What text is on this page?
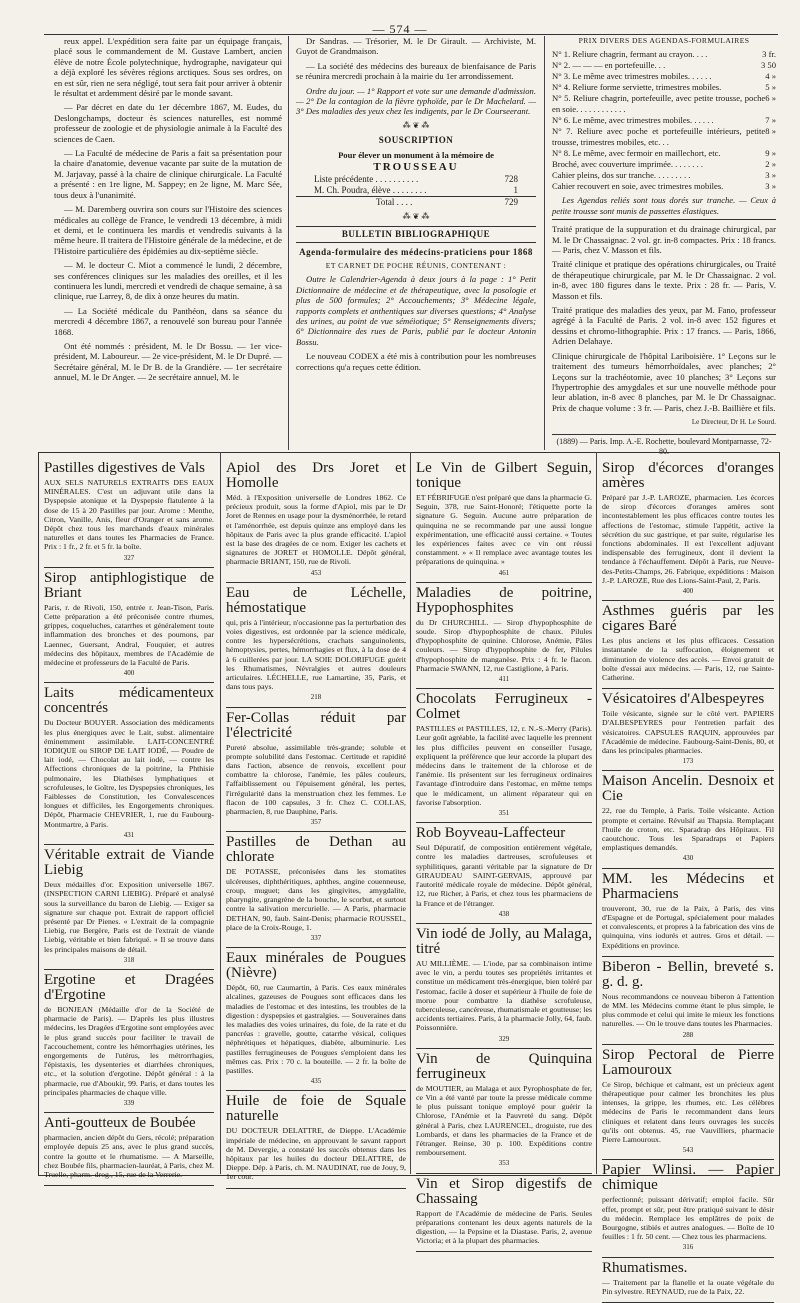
— 574 —

reux appel. L'expédition sera faite par un équipage français, placé sous le commandement de M. Gustave Lambert, ancien élève de notre École polytechnique, hydrographe, navigateur qui a déjà exploré les sévères régions arctiques. Sous ses ordres, on en est sûr, rien ne sera négligé, tout sera fait pour arriver à obtenir le résultat et ardemment désiré par le monde savant.

— Par décret en date du 1er décembre 1867, M. Eudes, du Deslongchamps, docteur ès sciences naturelles, est nommé professeur de zoologie et de physiologie animale à la Faculté des sciences de Caen.

— La Faculté de médecine de Paris a fait sa présentation pour la chaire d'anatomie, devenue vacante par suite de la mutation de M. Jarjavay, passé à la chaire de clinique chirurgicale. La Faculté a présenté : en 1re ligne, M. Sappey; en 2e ligne, M. Marc Sée, tous deux à l'unanimité.

— M. Daremberg ouvrira son cours sur l'Histoire des sciences médicales au collège de France, le vendredi 13 décembre, à midi et demi, et le continuera les mardis et vendredis suivants à la même heure. Il traitera de l'Histoire générale de la médecine, et de l'Histoire particulière des épidémies au dix-septième siècle.

— M. le docteur C. Miot a commencé le lundi, 2 décembre, ses conférences cliniques sur les maladies des oreilles, et il les continuera les lundi, mercredi et vendredi de chaque semaine, à sa clinique, rue Larrey, 8, de dix à onze heures du matin.

— La Société médicale du Panthéon, dans sa séance du mercredi 4 décembre 1867, a renouvelé son bureau pour l'année 1868.

Ont été nommés : président, M. le Dr Bossu. — 1er vice-président, M. Laboureur. — 2e vice-président, M. le Dr Dupré. — Secrétaire général, M. le Dr B. de la Grandière. — 1er secrétaire annuel, M. le Dr Anger. — 2e secrétaire annuel, M. le

Dr Sandras. — Trésorier, M. le Dr Girault. — Archiviste, M. Guyot de Grandmaison.

— La société des médecins des bureaux de bienfaisance de Paris se réunira mercredi prochain à la mairie du 1er arrondissement.

Ordre du jour. — 1° Rapport et vote sur une demande d'admission. — 2° De la contagion de la fièvre typhoïde, par le Dr Machelard. — 3° Des maladies des yeux chez les indigents, par le Dr Courseerant.

⁂ ❦ ⁂
SOUSCRIPTION
Pour élever un monument à la mémoire de
TROUSSEAU
Liste précédente . . . . . . . . . .	728
M. Ch. Poudra, élève . . . . . . . .	1
Total . . . .	729
⁂ ❦ ⁂
BULLETIN BIBLIOGRAPHIQUE
Agenda-formulaire des médecins-praticiens pour 1868
ET CARNET DE POCHE RÉUNIS, CONTENANT :

Outre le Calendrier-Agenda à deux jours à la page : 1° Petit Dictionnaire de médecine et de thérapeutique, avec la posologie et plus de 500 formules; 2° Accouchements; 3° Médecine légale, rapports complets et anthentiques sur diverses questions; 4° Analyse des urines, au point de vue séméiotique; 5° Renseignements divers; 6° Dictionnaire des rues de Paris, publié par le docteur Antonin Bossu.

Le nouveau CODEX a été mis à contribution pour les nombreuses corrections qu'a reçues cette édition.

PRIX DIVERS DES AGENDAS-FORMULAIRES
N° 1. Reliure chagrin, fermant au crayon. . . .	3 fr.
N° 2. — — — en portefeuille. . .	3 50
N° 3. Le même avec trimestres mobiles. . . . . .	4 »
N° 4. Reliure forme serviette, trimestres mobiles.	5 »
N° 5. Reliure chagrin, portefeuille, avec petite trousse, poche en soie. . . . . . . . . . . .
6 »
N° 6. Le même, avec trimestres mobiles. . . . . .	7 »
N° 7. Reliure avec poche et portefeuille intérieurs, petite trousse, trimestres mobiles, etc. . .
8 »
N° 8. Le même, avec fermoir en maillechort, etc.	9 »
Broché, avec couverture imprimée. . . . . . . .	2 »
Cahier pleins, dos sur tranche. . . . . . . . .	3 »
Cahier recouvert en soie, avec trimestres mobiles.	3 »

Les Agendas reliés sont tous dorés sur tranche. — Ceux à petite trousse sont munis de passettes élastiques.

Traité pratique de la suppuration et du drainage chirurgical, par M. le Dr Chassaignac. 2 vol. gr. in-8 compactes. Prix : 18 francs. — Paris, chez V. Masson et fils.

Traité clinique et pratique des opérations chirurgicales, ou Traité de thérapeutique chirurgicale, par M. le Dr Chassaignac. 2 vol. in-8, avec 180 figures dans le texte. Prix : 28 fr. — Paris, V. Masson et fils.

Traité pratique des maladies des yeux, par M. Fano, professeur agrégé à la Faculté de Paris. 2 vol. in-8 avec 152 figures et dessins et chromo-lithographie. Prix : 17 francs. — Paris, 1866, Adrien Delahaye.

Clinique chirurgicale de l'hôpital Lariboisière. 1° Leçons sur le traitement des tumeurs hémorrhoïdales, avec planches; 2° Leçons sur la trachéotomie, avec 10 planches; 3° Leçons sur l'hypertrophie des amygdales et sur une nouvelle méthode pour leur ablation, in-8 avec 8 planches, par M. le Dr Chassaignac. Prix de chaque volume : 3 fr. — Paris, chez J.-B. Baillière et fils.

Le Directeur, Dr H. Le Sourd.
(1889) — Paris. Imp. A.-E. Rochette, boulevard Montparnasse, 72-80.
Pastilles digestives de Vals

AUX SELS NATURELS EXTRAITS DES EAUX MINÉRALES. C'est un adjuvant utile dans la Dyspepsie atonique et la Dyspepsie flatulente à la dose de 15 à 20 Pastilles par jour. Arome : Menthe, Citron, Vanille, Anis, fleur d'Oranger et sans arome. Dépôt chez tous les marchands d'eaux minérales naturelles et dans toutes les Pharmacies de France. Prix : 1 fr., 2 fr. et 5 fr. la boîte.

327
Sirop antiphlogistique de Briant

Paris, r. de Rivoli, 150, entrée r. Jean-Tison, Paris. Cette préparation a été préconisée contre rhumes, grippes, coqueluches, catarrhes et généralement toute inflammation des bronches et des poumons, par Laennec, Guersant, Andral, Fouquier, et autres médecins des hôpitaux, membres de l'Académie de médecine et professeurs de la Faculté de Paris.

400
Laits médicamenteux concentrés

Du Docteur BOUYER. Association des médicaments les plus énergiques avec le Lait, subst. alimentaire éminemment assimilable. LAIT-CONCENTRÉ IODIQUE ou SIROP DE LAIT IODÉ, — Poudre de lait iodé, — Chocolat au lait iodé, — contre les Affections chroniques de la poitrine, la Phthisie pulmonaire, les Diathèses lymphatiques et scrofuleuses, le Goître, les Dyspepsies chroniques, les Faiblesses de Constitution, les Convalescences longues et difficiles, les Engorgements chroniques. Dépôt, Pharmacie CHEVRIER, 1, rue du Faubourg-Montmartre, à Paris.

431
Véritable extrait de Viande Liebig

Deux médailles d'or. Exposition universelle 1867. (INSPECTION CARNI LIEBIG). Préparé et analysé sous la surveillance du baron de Liebig. — Exiger sa signature sur chaque pot. Extrait de rapport officiel présenté par Dr Pienes. « L'extrait de la compagnie Liebig, rue Bergère, Paris est de l'extrait de viande Liebig, véritable et bien fabriqué. » Il se trouve dans les principales maisons de détail.

318
Ergotine et Dragées d'Ergotine

de BONJEAN (Médaille d'or de la Société de pharmacie de Paris). — D'après les plus illustres médecins, les Dragées d'Ergotine sont employées avec le plus grand succès pour faciliter le travail de l'accouchement, contre les hémorrhagies utérines, les engorgements de l'utérus, les métrorrhagies, l'épistaxis, les dysenteries et diarrhées chroniques, etc., et la solution d'ergotine. Dépôt général : à la pharmacie, rue d'Aboukir, 99. Paris, et dans toutes les principales pharmacies de chaque ville.

339
Anti-goutteux de Boubée

pharmacien, ancien dépôt du Gers, récolé; préparation employée depuis 25 ans, avec le plus grand succès, contre la goutte et le rhumatisme. — A Marseille, chez Boubée fils, pharmacien-lauréat, à Paris, chez M. Truelle, pharm.-drog., 15, rue de la Verrerie.

Apiol des Drs Joret et Homolle

Méd. à l'Exposition universelle de Londres 1862. Ce précieux produit, sous la forme d'Apiol, mis par le Dr Joret de Rennes en usage pour la dysménorrhée, le retard et l'aménorrhée, est depuis quinze ans employé dans les hôpitaux de Paris avec la plus grande efficacité. L'apiol est la base des dragées de ce nom. Exiger les cachets et signatures de JORET et HOMOLLE. Dépôt général, pharmacie BRIANT, 150, rue de Rivoli.

453
Eau de Léchelle, hémostatique

qui, pris à l'intérieur, n'occasionne pas la perturbation des voies digestives, est ordonnée par la science médicale, contre les hypersécrétions, crachats sanguinolents, hémoptysies, pertes, hémorrhagies et flux, à la dose de 4 à 6 cuillerées par jour. LA SOIE DOLORIFUGE guérit les Rhumatismes, Névralgies et autres douleurs articulaires. LÉCHELLE, rue Lamartine, 35, Paris, et dans tous pays.

218
Fer-Collas réduit par l'électricité

Pureté absolue, assimilable très-grande; soluble et prompte solubilité dans l'estomac. Certitude et rapidité dans l'action, absence de renvois, excellent pour combattre la chlorose, l'anémie, les pâles couleurs, l'affaiblissement ou l'épuisement général, les pertes, l'irrégularité dans la menstruation chez les femmes. Le flacon de 100 capsules, 3 fr. Chez C. COLLAS, pharmacien, 8, rue Dauphine, Paris.

357
Pastilles de Dethan au chlorate

DE POTASSE, préconisées dans les stomatites ulcéreuses, diphthéritiques, aphthes, angine couenneuse, croup, muguet; dans les gingivites, amygdalite, pharyngite, grangrène de la bouche, le scorbut, et surtout contre la salivation mercurielle. — A Paris, pharmacie DETHAN, 90, faub. Saint-Denis; pharmacie ROUSSEL, place de la Croix-Rouge, 1.

337
Eaux minérales de Pougues (Nièvre)

Dépôt, 60, rue Caumartin, à Paris. Ces eaux minérales alcalines, gazeuses de Pougues sont efficaces dans les maladies de l'estomac et des intestins, les troubles de la digestion : dyspepsies et gastralgies. — Souveraines dans les maladies des voies urinaires, du foie, de la rate et du pancréas : gravelle, goutte, catarrhe vésical, coliques néphrétiques et hépatiques, diabète, albuminurie. Les pastilles ferrugineuses de Pougues s'emploient dans les mêmes cas. Prix : 70 c. la bouteille. — 2 fr. la boîte de pastilles.

435
Huile de foie de Squale naturelle

DU DOCTEUR DELATTRE, de Dieppe. L'Académie impériale de médecine, en approuvant le savant rapport de M. Devergie, a constaté les succès obtenus dans les hôpitaux par les huiles du docteur DELATTRE, de Dieppe. Dép. à Paris, ch. M. NAUDINAT, rue de Jouy, 9, 1er cour.

Le Vin de Gilbert Seguin, tonique

ET FÉBRIFUGE n'est préparé que dans la pharmacie G. Seguin, 378, rue Saint-Honoré; l'étiquette porte la signature G. Seguin. Aucune autre préparation de quinquina ne se recommande par une aussi longue expérimentation, une efficacité aussi certaine. « Toutes les expériences faites avec ce vin ont réussi constamment. » « Il remplace avec avantage toutes les préparations de quinquina. »

461
Maladies de poitrine, Hypophosphites

du Dr CHURCHILL. — Sirop d'hypophosphite de soude. Sirop d'hypophosphite de chaux. Pilules d'hypophosphite de quinine. Chlorose, Anémie, Pâles couleurs. — Sirop d'hypophosphite de fer, Pilules d'hypophosphite de manganèse. Prix : 4 fr. le flacon. Pharmacie SWANN, 12, rue Castiglione, à Paris.

411
Chocolats Ferrugineux - Colmet

PASTILLES et PASTILLES, 12, r. N.-S.-Merry (Paris). Leur goût agréable, la facilité avec laquelle les prennent les plus difficiles peuvent en conseiller l'usage, expliquent la préférence que leur accorde la plupart des médecins dans le traitement de la chlorose et de l'anémie. Ils présentent sur les ferrugineux ordinaires l'avantage d'introduire dans l'estomac, en même temps que le médicament, un aliment réparateur qui en favorise l'absorption.

351
Rob Boyveau-Laffecteur

Seul Dépuratif, de composition entièrement végétale, contre les maladies dartreuses, scrofuleuses et syphilitiques, garanti véritable par la signature de Dr GIRAUDEAU SAINT-GERVAIS, approuvé par l'autorité médicale royale de médecine. Dépôt général, 12, rue Richer, à Paris, et chez tous les pharmaciens de la France et de l'étranger.

438
Vin iodé de Jolly, au Malaga, titré

AU MILLIÈME. — L'iode, par sa combinaison intime avec le vin, a perdu toutes ses propriétés irritantes et constitue un médicament très-énergique, bien toléré par l'estomac, facile à doser et supérieur à l'huile de foie de morue pour combattre la diathèse scrofuleuse, tuberculeuse, cancéreuse, rhumatismale et goutteuse; les accidents tertiaires. Paris, à la pharmacie Jolly, 64, faub. Poissonnière.

329
Vin de Quinquina ferrugineux

de MOUTIER, au Malaga et aux Pyrophosphate de fer, ce Vin a été vanté par toute la presse médicale comme le plus puissant tonique employé pour guérir la Chlorose, l'Anémie et la Pauvreté du sang. Dépôt général à Paris, chez LAURENCEL, droguiste, rue des Lombards, et dans les pharmacies de la France et de l'étranger. Reinse, 30 p. 100. Expéditions contre remboursement.

353
Vin et Sirop digestifs de Chassaing

Rapport de l'Académie de médecine de Paris. Seules préparations contenant les deux agents naturels de la digestion, — la Pepsine et la Diastase. Paris, 2, avenue Victoria; et à la plupart des pharmacies.

Sirop d'écorces d'oranges amères

Préparé par J.-P. LAROZE, pharmacien. Les écorces de sirop d'écorces d'oranges amères sont incontestablement les plus efficaces contre toutes les affections de l'estomac, stimule l'appétit, active la sécrétion du suc gastrique, et par suite, régularise les fonctions abdominales. Il est l'excellent adjuvant indispensable des ferrugineux, dont il devient la tendance à l'échauffement. Dépôt à Paris, rue Neuve-des-Petits-Champs, 26. Fabrique, expéditions : Maison J.-P. LAROZE, Rue des Lions-Saint-Paul, 2, Paris.

400
Asthmes guéris par les cigares Baré

Les plus anciens et les plus efficaces. Cessation instantanée de la suffocation, éloignement et diminution de violence des accès. — Envoi gratuit de boîte d'essai aux médecins. — Paris, 12, rue Sainte-Catherine.

Vésicatoires d'Albespeyres

Toile vésicante, signée sur le côté vert. PAPIERS D'ALBESPEYRES pour l'entretien parfait des vésicatoires. CAPSULES RAQUIN, approuvées par l'Académie de médecine. Faubourg-Saint-Denis, 80, et dans les principales pharmacies.

173
Maison Ancelin. Desnoix et Cie

22, rue du Temple, à Paris. Toile vésicante. Action prompte et certaine. Révulsif au Thapsia. Remplaçant l'huile de croton, etc. Sparadrap des Hôpitaux. Fil caoutchouc. Tous les Sparadraps et Papiers emplastiques demandés.

430
MM. les Médecins et Pharmaciens

trouveront, 30, rue de la Paix, à Paris, des vins d'Espagne et de Portugal, spécialement pour malades et convalescents, et propres à la fabrication des vins de quinquina, vins iodurés et autres. Gros et détail. — Expéditions en province.

Biberon - Bellin, breveté s. g. d. g.

Nous recommandons ce nouveau biberon à l'attention de MM. les Médecins comme étant le plus simple, le plus commode et celui qui imite le mieux les fonctions naturelles. — On le trouve dans toutes les Pharmacies.

288
Sirop Pectoral de Pierre Lamouroux

Ce Sirop, béchique et calmant, est un précieux agent thérapeutique pour calmer les bronchites les plus intenses, la grippe, les rhumes, etc. Les célèbres médecins de Paris le recommandent dans leurs cliniques et relatent dans leurs ouvrages les succès qu'ils ont obtenus. 45, rue Vauvilliers, pharmacie Pierre Lamouroux.

543
Papier Wlinsi. — Papier chimique

perfectionné; puissant dérivatif; emploi facile. Sûr effet, prompt et sûr, peut être pratiqué suivant le désir du médecin. Remplace les emplâtres de poix de Bourgogne, stibiés et autres analogues. — Boîte de 10 feuilles : 1 fr. 50 cent. — Chez tous les pharmaciens.

316
Rhumatismes.

— Traitement par la flanelle et la ouate végétale du Pin sylvestre. REYNAUD, rue de la Paix, 22.
